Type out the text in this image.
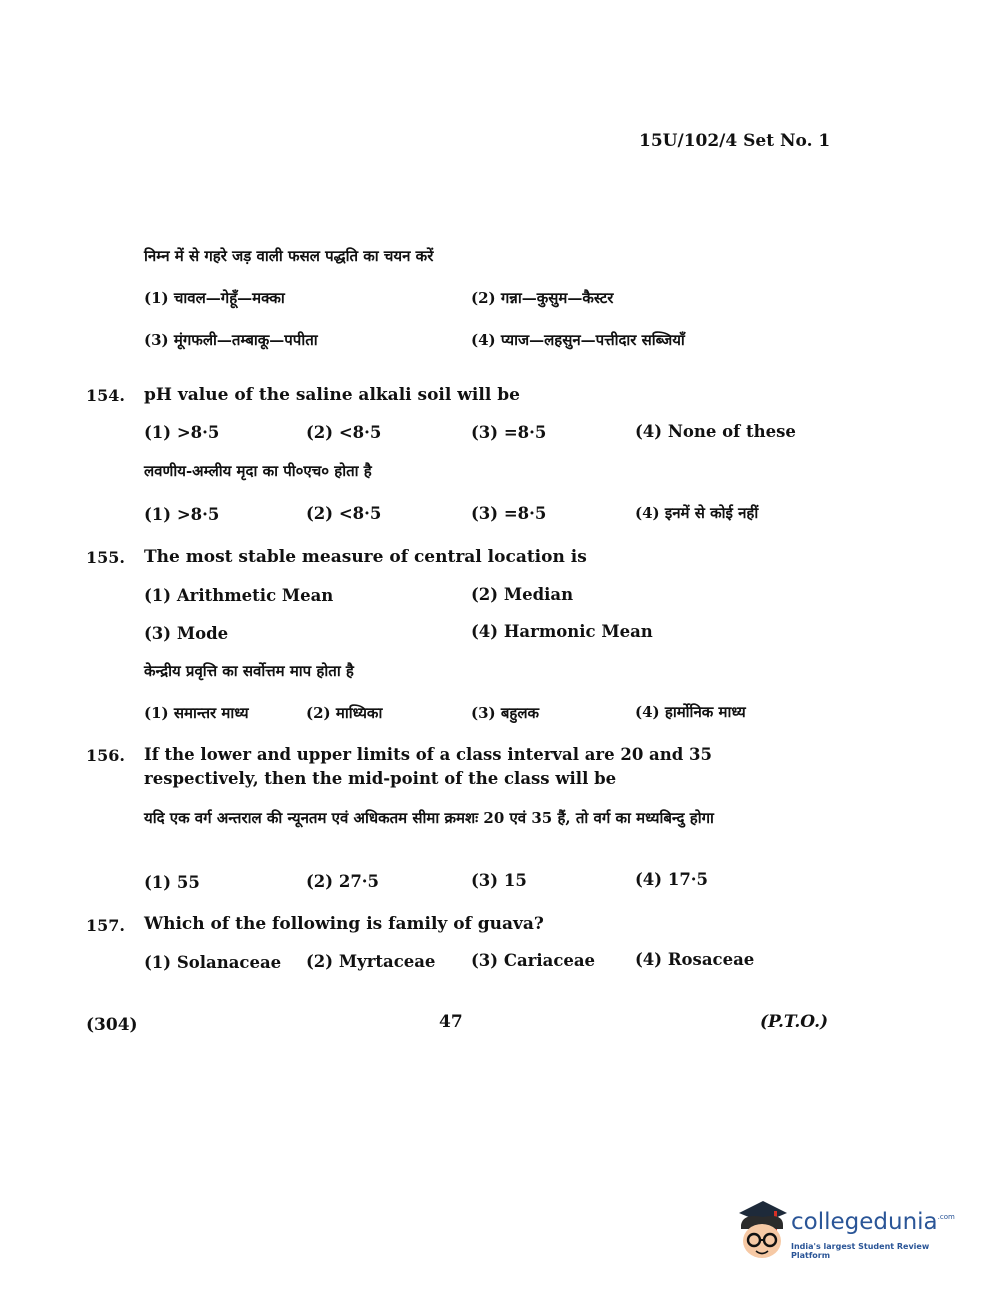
15U/102/4 Set No. 1
निम्न में से गहरे जड़ वाली फसल पद्धति का चयन करें
(1) चावल—गेहूँ—मक्का	(2) गन्ना—कुसुम—कैस्टर
(3) मूंगफली—तम्बाकू—पपीता	(4) प्याज—लहसुन—पत्तीदार सब्जियाँ
154. pH value of the saline alkali soil will be
(1) >8·5	(2) <8·5	(3) =8·5	(4) None of these
लवणीय-अम्लीय मृदा का पी०एच० होता है
(1) >8·5	(2) <8·5	(3) =8·5	(4) इनमें से कोई नहीं
155. The most stable measure of central location is
(1) Arithmetic Mean	(2) Median
(3) Mode	(4) Harmonic Mean
केन्द्रीय प्रवृत्ति का सर्वोत्तम माप होता है
(1) समान्तर माध्य	(2) माध्यिका	(3) बहुलक	(4) हार्मोनिक माध्य
156. If the lower and upper limits of a class interval are 20 and 35 respectively, then the mid-point of the class will be
यदि एक वर्ग अन्तराल की न्यूनतम एवं अधिकतम सीमा क्रमशः 20 एवं 35 हैं, तो वर्ग का मध्यबिन्दु होगा
(1) 55	(2) 27·5	(3) 15	(4) 17·5
157. Which of the following is family of guava?
(1) Solanaceae (2) Myrtaceae (3) Cariaceae (4) Rosaceae
(304)	47	(P.T.O.)
collegedunia$^{.com}$
India's largest Student Review Platform
